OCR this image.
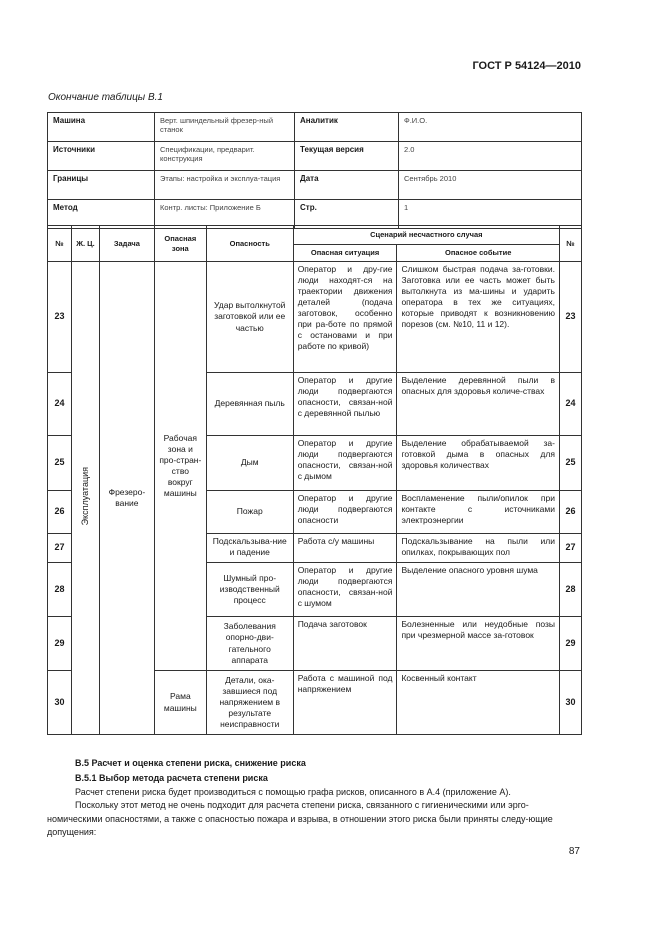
ГОСТ Р 54124—2010
Окончание таблицы В.1
Машина	Верт. шпиндельный фрезер-ный станок	Аналитик	Ф.И.О.
Источники	Спецификации, предварит. конструкция	Текущая версия	2.0
Границы	Этапы: настройка и эксплуа-тация	Дата	Сентябрь 2010
Метод	Контр. листы: Приложение Б	Стр.	1
№	Ж. Ц.	Задача	Опасная зона	Опасность	Сценарий несчастного случая		№
					Опасная ситуация	Опасное событие	
23	Эксплуатация	Фрезеро-вание	Рабочая зона и про-стран-ство вокруг машины	Удар вытолкнутой заготовкой или ее частью	Оператор и дру-гие люди находят-ся на траектории движения деталей (подача заготовок, особенно при ра-боте по прямой с остановами и при работе по кривой)	Слишком быстрая подача за-готовки. Заготовка или ее часть может быть вытолкнута из ма-шины и ударить оператора в тех же ситуациях, которые приводят к возникновению порезов (см. №10, 11 и 12).	23
24				Деревянная пыль	Оператор и другие люди подвергаются опасности, связан-ной с деревянной пылью	Выделение деревянной пыли в опасных для здоровья количе-ствах	24
25				Дым	Оператор и другие люди подвергаются опасности, связан-ной с дымом	Выделение обрабатываемой за-готовкой дыма в опасных для здоровья количествах	25
26				Пожар	Оператор и другие люди подвергаются опасности	Воспламенение пыли/опилок при контакте с источниками электроэнергии	26
27				Подскальзыва-ние и падение	Работа с/у машины	Подскальзывание на пыли или опилках, покрывающих пол	27
28				Шумный про-изводственный процесс	Оператор и другие люди подвергаются опасности, связан-ной с шумом	Выделение опасного уровня шума	28
29				Заболевания опорно-дви-гательного аппарата	Подача заготовок	Болезненные или неудобные позы при чрезмерной массе за-готовок	29
30			Рама машины	Детали, ока-завшиеся под напряжением в результате неисправности	Работа с машиной под напряжением	Косвенный контакт	30
В.5 Расчет и оценка степени риска, снижение риска
В.5.1 Выбор метода расчета степени риска
Расчет степени риска будет производиться с помощью графа рисков, описанного в А.4 (приложение А).
Поскольку этот метод не очень подходит для расчета степени риска, связанного с гигиеническими или эрго-номическими опасностями, а также с опасностью пожара и взрыва, в отношении этого риска были приняты следу-ющие допущения:
87
